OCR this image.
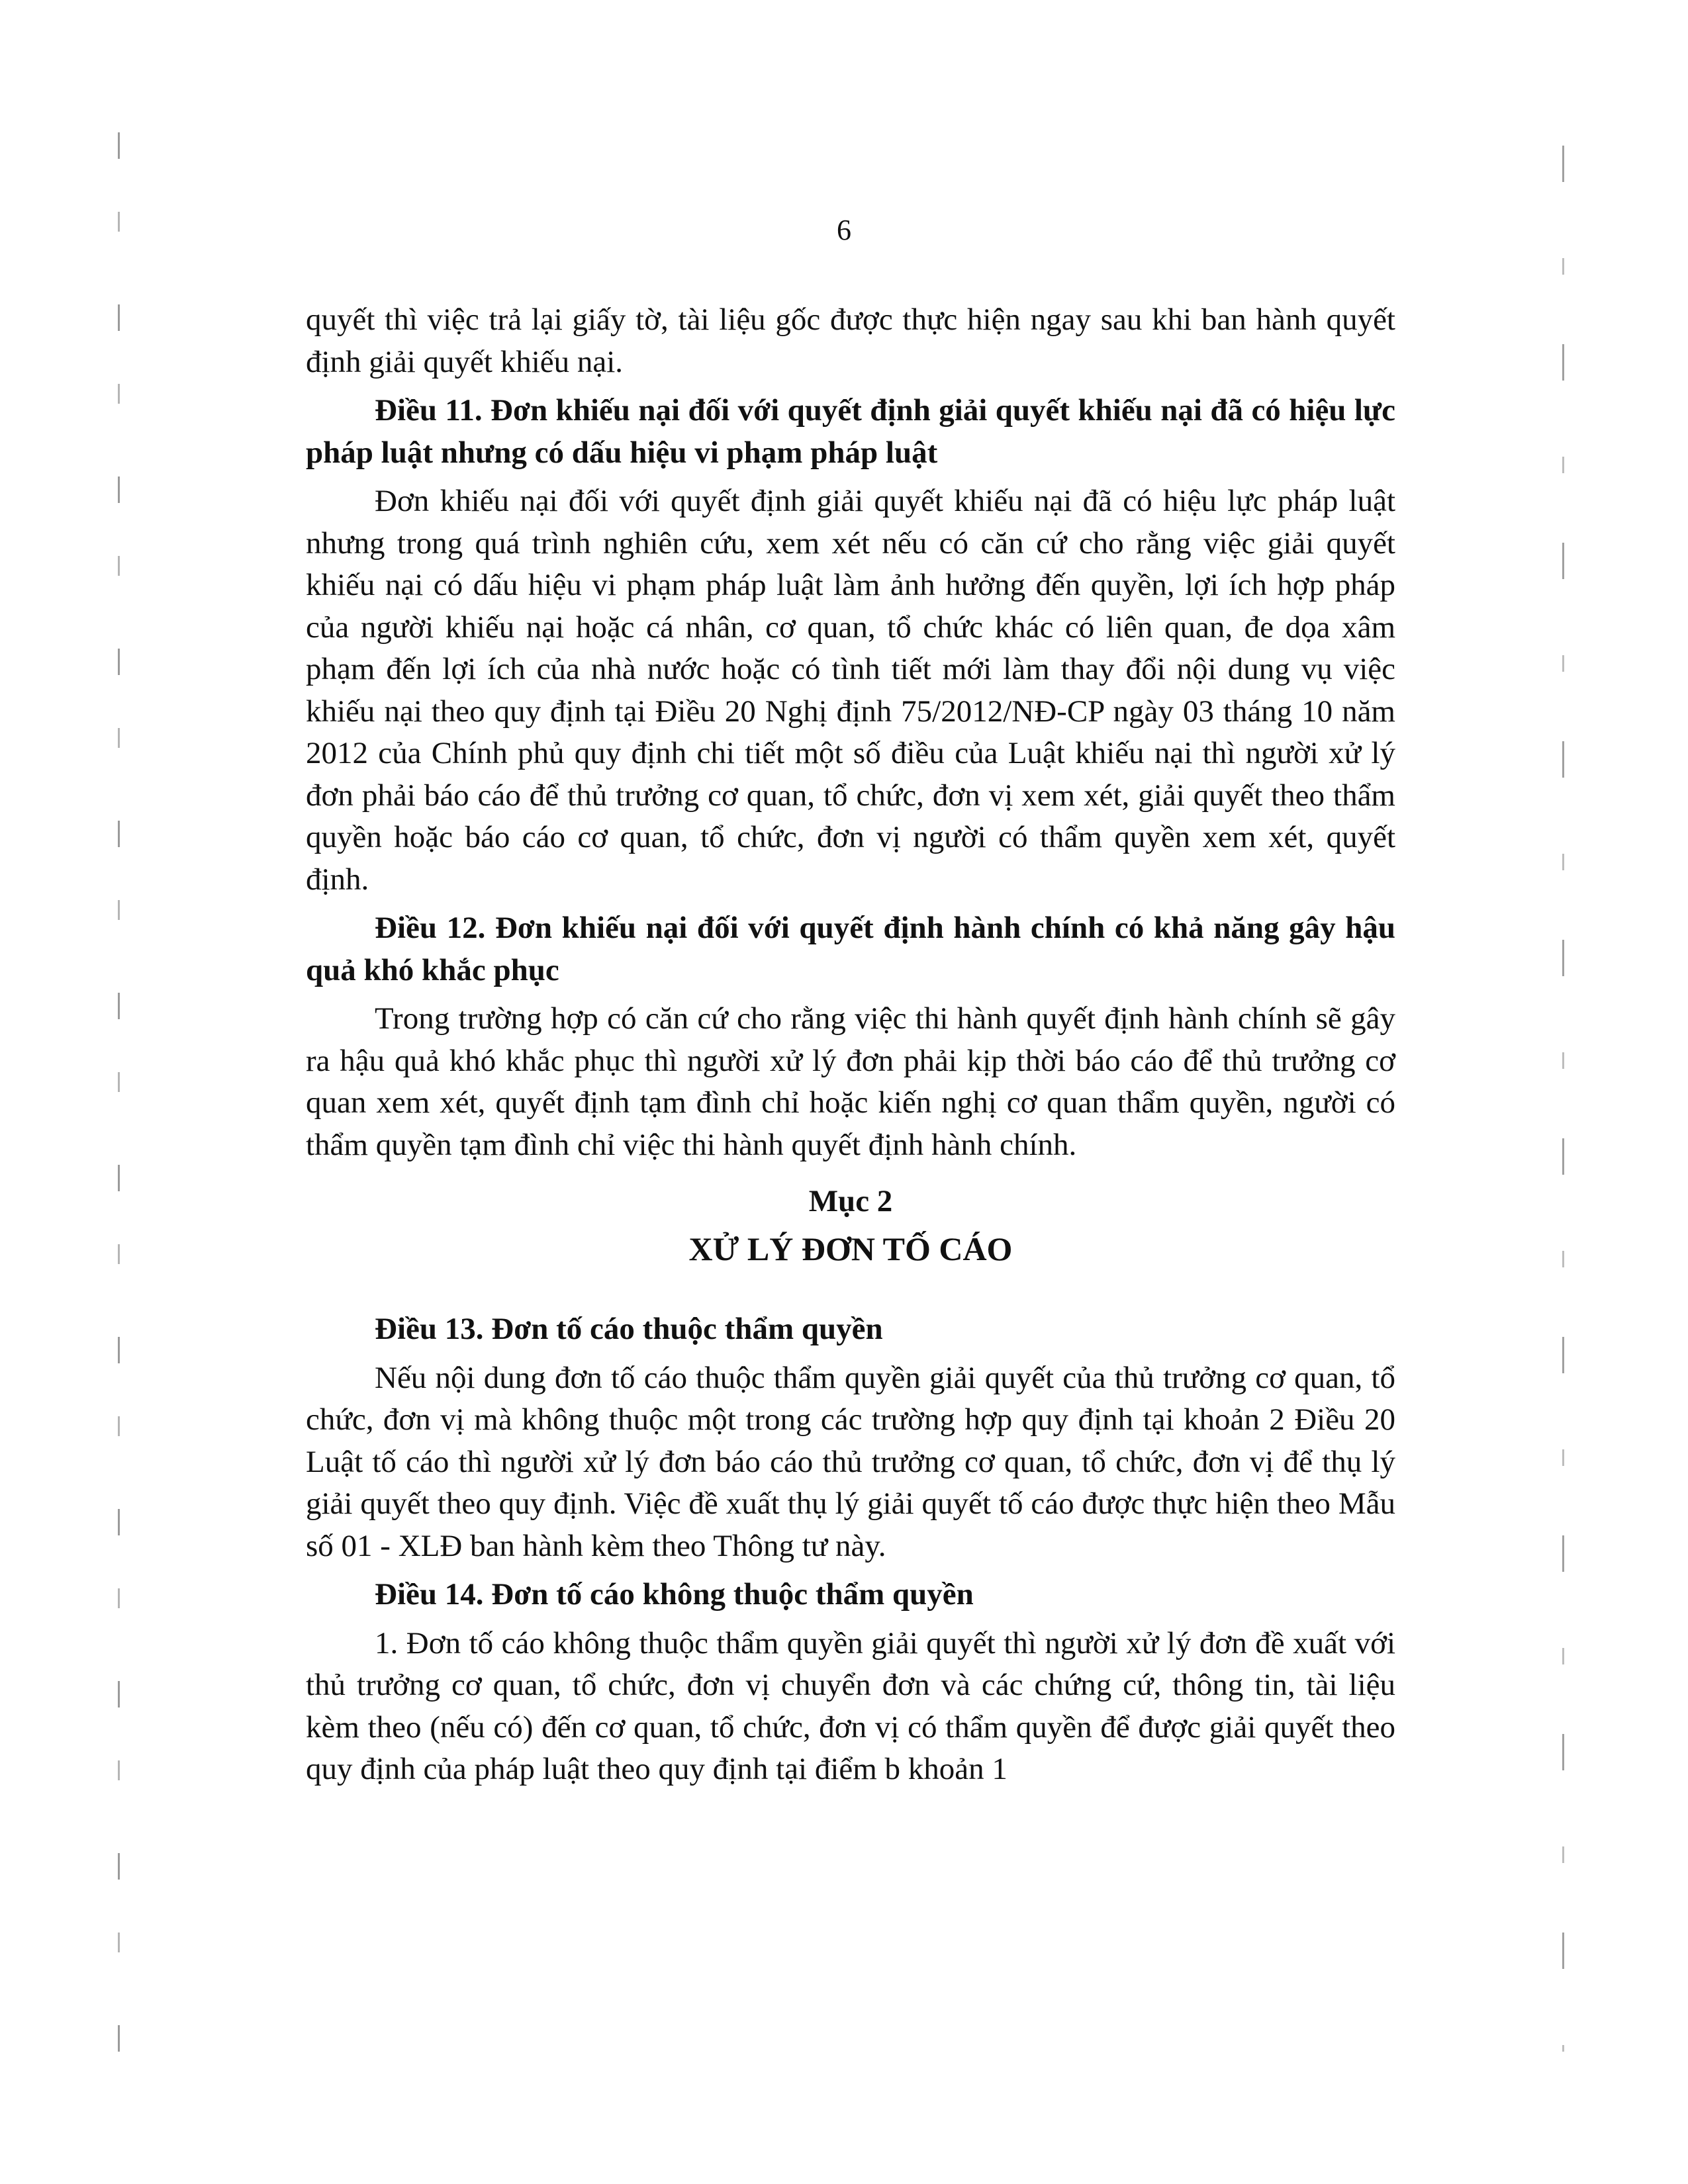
6

quyết thì việc trả lại giấy tờ, tài liệu gốc được thực hiện ngay sau khi ban hành quyết định giải quyết khiếu nại.

Điều 11. Đơn khiếu nại đối với quyết định giải quyết khiếu nại đã có hiệu lực pháp luật nhưng có dấu hiệu vi phạm pháp luật

Đơn khiếu nại đối với quyết định giải quyết khiếu nại đã có hiệu lực pháp luật nhưng trong quá trình nghiên cứu, xem xét nếu có căn cứ cho rằng việc giải quyết khiếu nại có dấu hiệu vi phạm pháp luật làm ảnh hưởng đến quyền, lợi ích hợp pháp của người khiếu nại hoặc cá nhân, cơ quan, tổ chức khác có liên quan, đe dọa xâm phạm đến lợi ích của nhà nước hoặc có tình tiết mới làm thay đổi nội dung vụ việc khiếu nại theo quy định tại Điều 20 Nghị định 75/2012/NĐ-CP ngày 03 tháng 10 năm 2012 của Chính phủ quy định chi tiết một số điều của Luật khiếu nại thì người xử lý đơn phải báo cáo để thủ trưởng cơ quan, tổ chức, đơn vị xem xét, giải quyết theo thẩm quyền hoặc báo cáo cơ quan, tổ chức, đơn vị người có thẩm quyền xem xét, quyết định.

Điều 12. Đơn khiếu nại đối với quyết định hành chính có khả năng gây hậu quả khó khắc phục

Trong trường hợp có căn cứ cho rằng việc thi hành quyết định hành chính sẽ gây ra hậu quả khó khắc phục thì người xử lý đơn phải kịp thời báo cáo để thủ trưởng cơ quan xem xét, quyết định tạm đình chỉ hoặc kiến nghị cơ quan thẩm quyền, người có thẩm quyền tạm đình chỉ việc thi hành quyết định hành chính.

Mục 2

XỬ LÝ ĐƠN TỐ CÁO

Điều 13. Đơn tố cáo thuộc thẩm quyền

Nếu nội dung đơn tố cáo thuộc thẩm quyền giải quyết của thủ trưởng cơ quan, tổ chức, đơn vị mà không thuộc một trong các trường hợp quy định tại khoản 2 Điều 20 Luật tố cáo thì người xử lý đơn báo cáo thủ trưởng cơ quan, tổ chức, đơn vị để thụ lý giải quyết theo quy định. Việc đề xuất thụ lý giải quyết tố cáo được thực hiện theo Mẫu số 01 - XLĐ ban hành kèm theo Thông tư này.

Điều 14. Đơn tố cáo không thuộc thẩm quyền

1. Đơn tố cáo không thuộc thẩm quyền giải quyết thì người xử lý đơn đề xuất với thủ trưởng cơ quan, tổ chức, đơn vị chuyển đơn và các chứng cứ, thông tin, tài liệu kèm theo (nếu có) đến cơ quan, tổ chức, đơn vị có thẩm quyền để được giải quyết theo quy định của pháp luật theo quy định tại điểm b khoản 1
